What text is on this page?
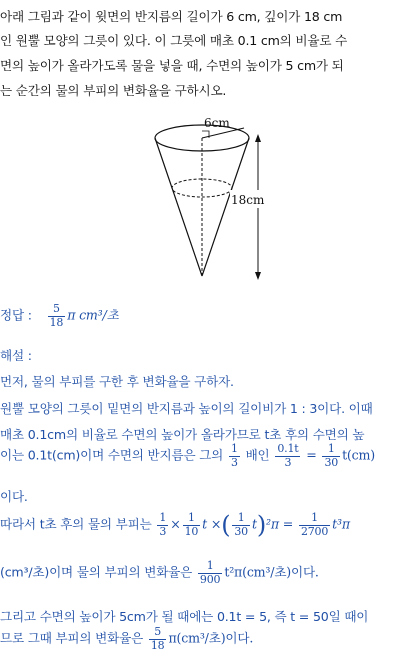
아래 그림과 같이 윗면의 반지름의 길이가 6 cm, 깊이가 18 cm
인 원뿔 모양의 그릇이 있다. 이 그릇에 매초 0.1 cm의 비율로 수
면의 높이가 올라가도록 물을 넣을 때, 수면의 높이가 5 cm가 되
는 순간의 물의 부피의 변화율을 구하시오.
18cm
6cm
정답 : $\frac{5}{18}$ π cm³/초
해설 :
먼저, 물의 부피를 구한 후 변화율을 구하자.
원뿔 모양의 그릇이 밑면의 반지름과 높이의 길이비가 1 : 3이다. 이때
매초 0.1cm의 비율로 수면의 높이가 올라가므로 t초 후의 수면의 높
이는 0.1t(cm)이며 수면의 반지름은 그의 $\frac{1}{3}$ 배인 $\frac{0.1t}{3} = \frac{1}{30} t(cm)$
이다.
따라서 t초 후의 물의 부피는 $\frac{1}{3} \times \frac{1}{10}$ t ×( $\frac{1}{30} t)^2\pi = \frac{1}{2700} t^3\pi$
(cm³/초)이며 물의 부피의 변화율은 $\frac{1}{900} t^2\pi(cm^3/$초)이다.
그리고 수면의 높이가 5cm가 될 때에는 0.1t = 5, 즉 t = 50일 때이
므로 그때 부피의 변화율은 $\frac{5}{18} \pi(cm^3/$초)이다.
